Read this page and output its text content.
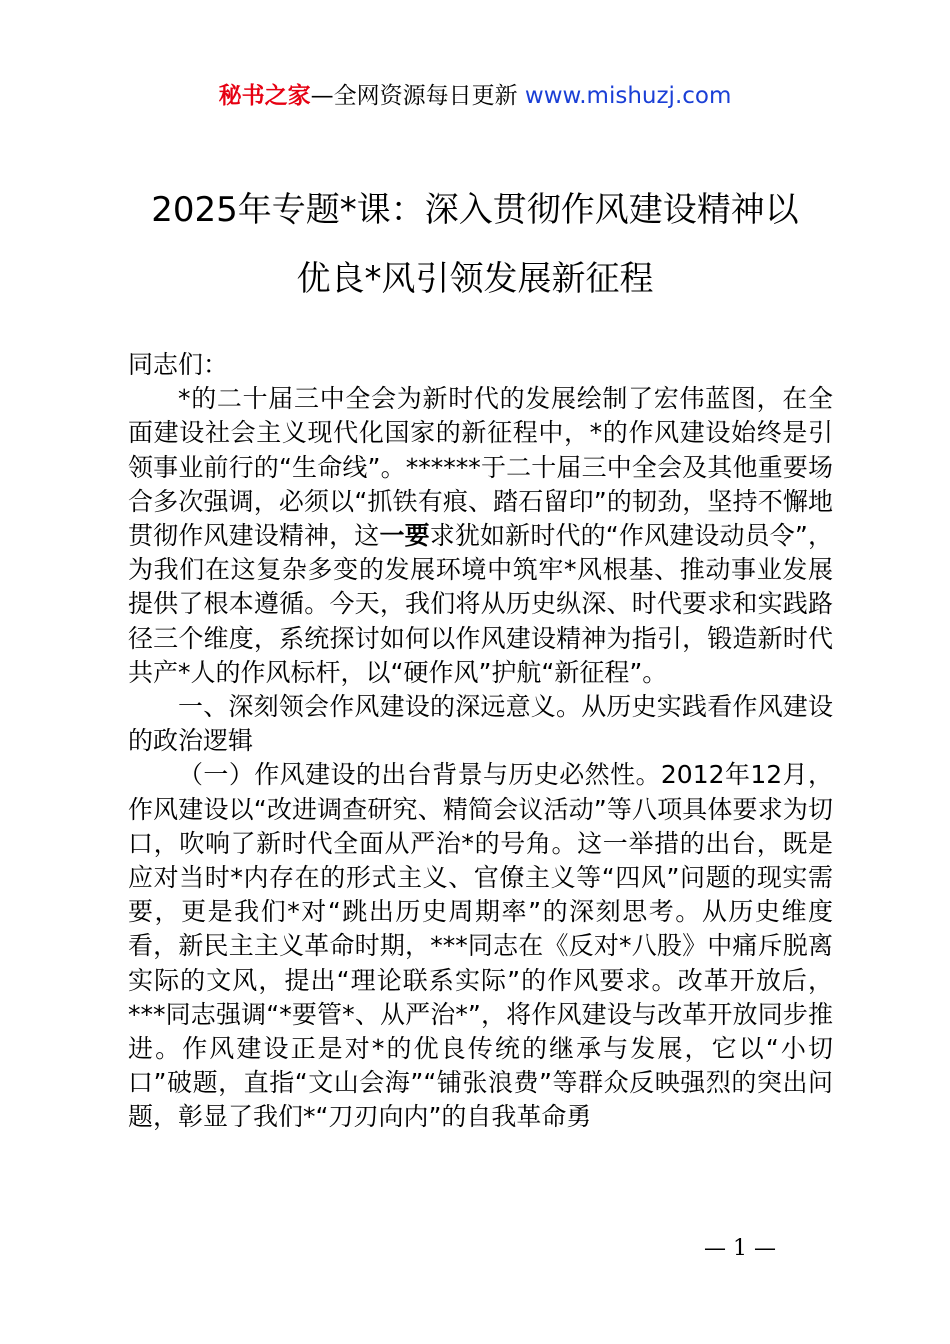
秘书之家—全网资源每日更新 www.mishuzj.com
2025年专题*课：深入贯彻作风建设精神以
优良*风引领发展新征程

同志们：

*的二十届三中全会为新时代的发展绘制了宏伟蓝图，在全面建设社会主义现代化国家的新征程中，*的作风建设始终是引领事业前行的“生命线”。******于二十届三中全会及其他重要场合多次强调，必须以“抓铁有痕、踏石留印”的韧劲，坚持不懈地贯彻作风建设精神，这一要求犹如新时代的“作风建设动员令”，为我们在这复杂多变的发展环境中筑牢*风根基、推动事业发展提供了根本遵循。今天，我们将从历史纵深、时代要求和实践路径三个维度，系统探讨如何以作风建设精神为指引，锻造新时代共产*人的作风标杆，以“硬作风”护航“新征程”。

一、深刻领会作风建设的深远意义。从历史实践看作风建设的政治逻辑

（一）作风建设的出台背景与历史必然性。2012年12月，作风建设以“改进调查研究、精简会议活动”等八项具体要求为切口，吹响了新时代全面从严治*的号角。这一举措的出台，既是应对当时*内存在的形式主义、官僚主义等“四风”问题的现实需要，更是我们*对“跳出历史周期率”的深刻思考。从历史维度看，新民主主义革命时期，***同志在《反对*八股》中痛斥脱离实际的文风，提出“理论联系实际”的作风要求。改革开放后，***同志强调“*要管*、从严治*”，将作风建设与改革开放同步推进。作风建设正是对*的优良传统的继承与发展，它以“小切口”破题，直指“文山会海”“铺张浪费”等群众反映强烈的突出问题，彰显了我们*“刀刃向内”的自我革命勇

— 1 —
